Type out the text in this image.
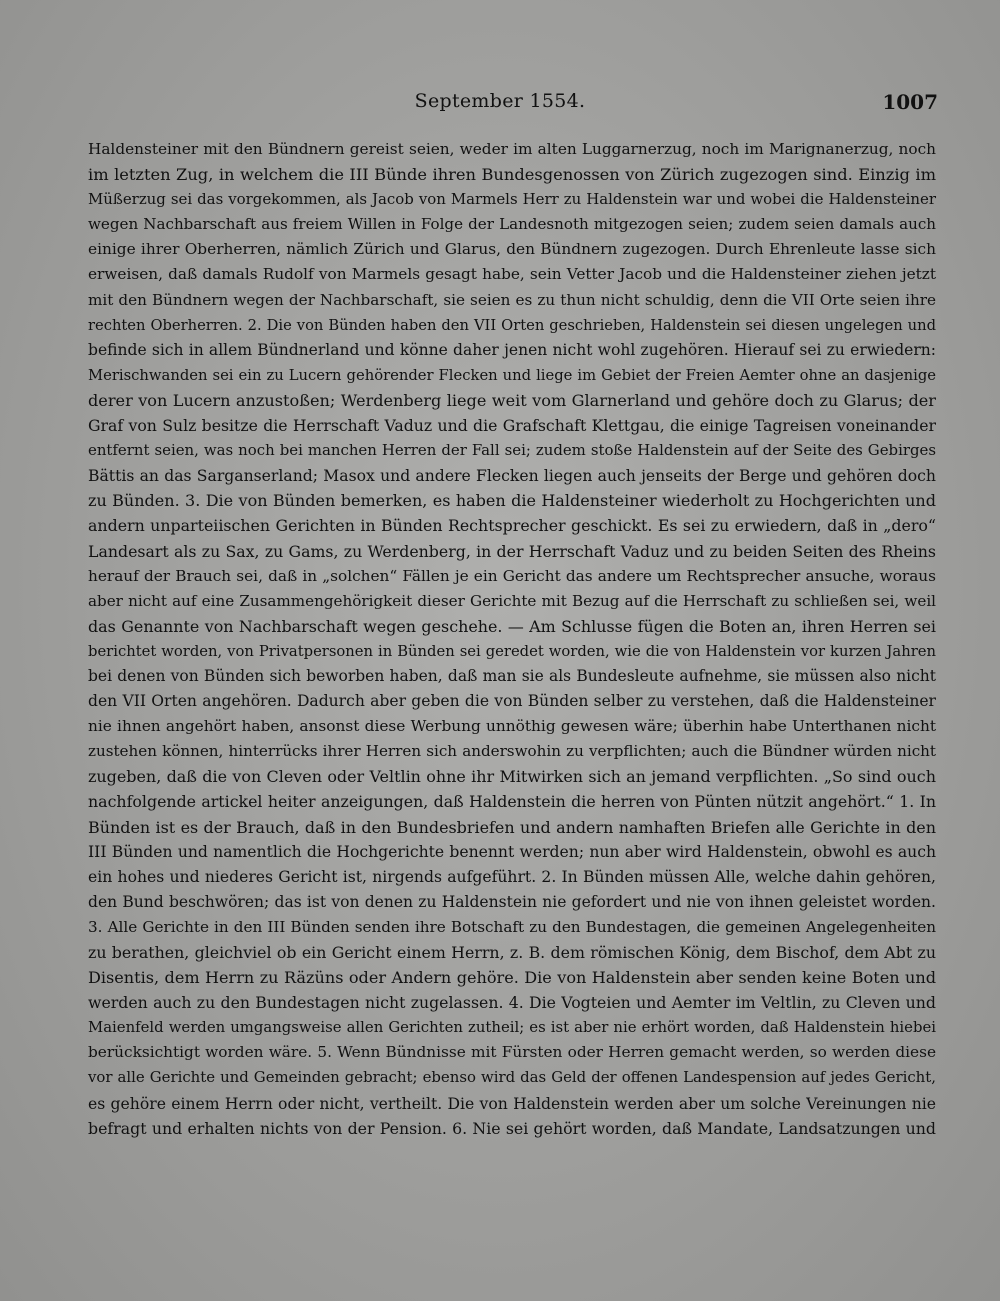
September 1554.	1007
Haldensteiner mit den Bündnern gereist seien, weder im alten Luggarnerzug, noch im Marignanerzug, noch
im letzten Zug, in welchem die III Bünde ihren Bundesgenossen von Zürich zugezogen sind. Einzig im
Müßerzug sei das vorgekommen, als Jacob von Marmels Herr zu Haldenstein war und wobei die Haldensteiner
wegen Nachbarschaft aus freiem Willen in Folge der Landesnoth mitgezogen seien; zudem seien damals auch
einige ihrer Oberherren, nämlich Zürich und Glarus, den Bündnern zugezogen. Durch Ehrenleute lasse sich
erweisen, daß damals Rudolf von Marmels gesagt habe, sein Vetter Jacob und die Haldensteiner ziehen jetzt
mit den Bündnern wegen der Nachbarschaft, sie seien es zu thun nicht schuldig, denn die VII Orte seien ihre
rechten Oberherren. 2. Die von Bünden haben den VII Orten geschrieben, Haldenstein sei diesen ungelegen und
befinde sich in allem Bündnerland und könne daher jenen nicht wohl zugehören. Hierauf sei zu erwiedern:
Merischwanden sei ein zu Lucern gehörender Flecken und liege im Gebiet der Freien Aemter ohne an dasjenige
derer von Lucern anzustoßen; Werdenberg liege weit vom Glarnerland und gehöre doch zu Glarus; der
Graf von Sulz besitze die Herrschaft Vaduz und die Grafschaft Klettgau, die einige Tagreisen voneinander
entfernt seien, was noch bei manchen Herren der Fall sei; zudem stoße Haldenstein auf der Seite des Gebirges
Bättis an das Sarganserland; Masox und andere Flecken liegen auch jenseits der Berge und gehören doch
zu Bünden. 3. Die von Bünden bemerken, es haben die Haldensteiner wiederholt zu Hochgerichten und
andern unparteiischen Gerichten in Bünden Rechtsprecher geschickt. Es sei zu erwiedern, daß in „dero“
Landesart als zu Sax, zu Gams, zu Werdenberg, in der Herrschaft Vaduz und zu beiden Seiten des Rheins
herauf der Brauch sei, daß in „solchen“ Fällen je ein Gericht das andere um Rechtsprecher ansuche, woraus
aber nicht auf eine Zusammengehörigkeit dieser Gerichte mit Bezug auf die Herrschaft zu schließen sei, weil
das Genannte von Nachbarschaft wegen geschehe. — Am Schlusse fügen die Boten an, ihren Herren sei
berichtet worden, von Privatpersonen in Bünden sei geredet worden, wie die von Haldenstein vor kurzen Jahren
bei denen von Bünden sich beworben haben, daß man sie als Bundesleute aufnehme, sie müssen also nicht
den VII Orten angehören. Dadurch aber geben die von Bünden selber zu verstehen, daß die Haldensteiner
nie ihnen angehört haben, ansonst diese Werbung unnöthig gewesen wäre; überhin habe Unterthanen nicht
zustehen können, hinterrücks ihrer Herren sich anderswohin zu verpflichten; auch die Bündner würden nicht
zugeben, daß die von Cleven oder Veltlin ohne ihr Mitwirken sich an jemand verpflichten. „So sind ouch
nachfolgende artickel heiter anzeigungen, daß Haldenstein die herren von Pünten nützit angehört.“ 1. In
Bünden ist es der Brauch, daß in den Bundesbriefen und andern namhaften Briefen alle Gerichte in den
III Bünden und namentlich die Hochgerichte benennt werden; nun aber wird Haldenstein, obwohl es auch
ein hohes und niederes Gericht ist, nirgends aufgeführt. 2. In Bünden müssen Alle, welche dahin gehören,
den Bund beschwören; das ist von denen zu Haldenstein nie gefordert und nie von ihnen geleistet worden.
3. Alle Gerichte in den III Bünden senden ihre Botschaft zu den Bundestagen, die gemeinen Angelegenheiten
zu berathen, gleichviel ob ein Gericht einem Herrn, z. B. dem römischen König, dem Bischof, dem Abt zu
Disentis, dem Herrn zu Räzüns oder Andern gehöre. Die von Haldenstein aber senden keine Boten und
werden auch zu den Bundestagen nicht zugelassen. 4. Die Vogteien und Aemter im Veltlin, zu Cleven und
Maienfeld werden umgangsweise allen Gerichten zutheil; es ist aber nie erhört worden, daß Haldenstein hiebei
berücksichtigt worden wäre. 5. Wenn Bündnisse mit Fürsten oder Herren gemacht werden, so werden diese
vor alle Gerichte und Gemeinden gebracht; ebenso wird das Geld der offenen Landespension auf jedes Gericht,
es gehöre einem Herrn oder nicht, vertheilt. Die von Haldenstein werden aber um solche Vereinungen nie
befragt und erhalten nichts von der Pension. 6. Nie sei gehört worden, daß Mandate, Landsatzungen und
